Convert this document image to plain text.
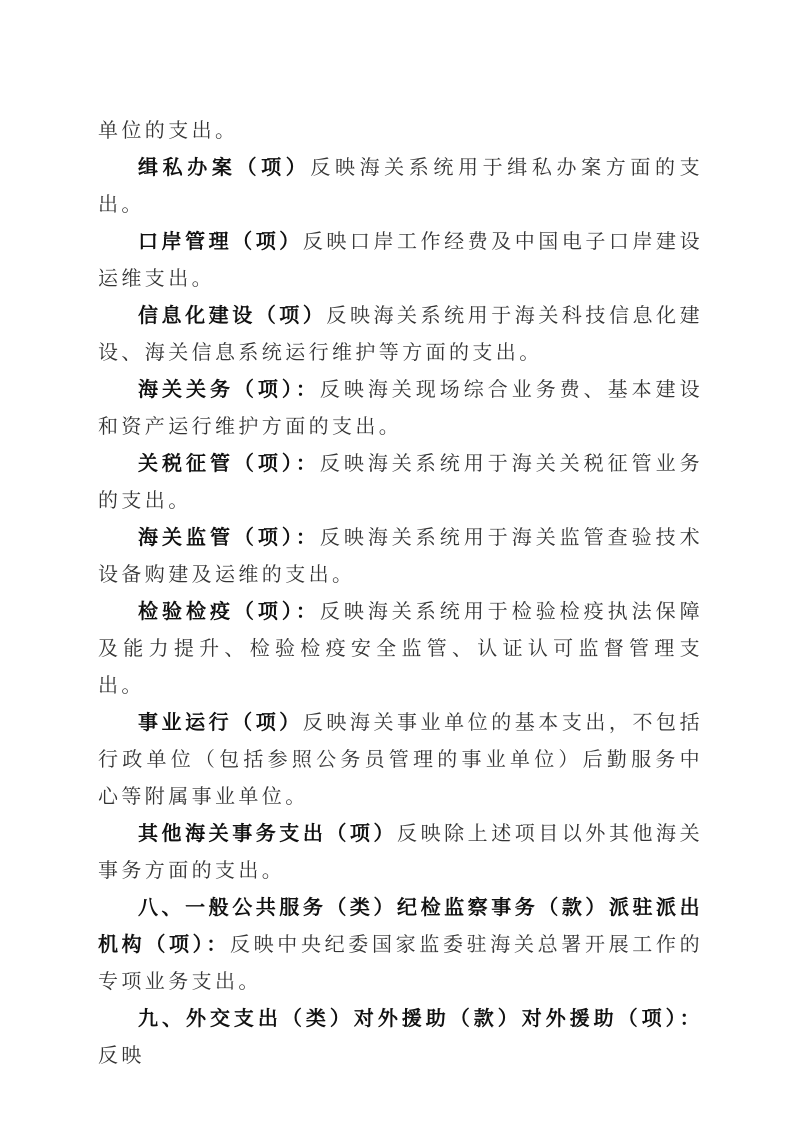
单位的支出。

缉私办案（项）反映海关系统用于缉私办案方面的支出。

口岸管理（项）反映口岸工作经费及中国电子口岸建设运维支出。

信息化建设（项）反映海关系统用于海关科技信息化建设、海关信息系统运行维护等方面的支出。

海关关务（项）：反映海关现场综合业务费、基本建设和资产运行维护方面的支出。

关税征管（项）：反映海关系统用于海关关税征管业务的支出。

海关监管（项）：反映海关系统用于海关监管查验技术设备购建及运维的支出。

检验检疫（项）：反映海关系统用于检验检疫执法保障及能力提升、检验检疫安全监管、认证认可监督管理支出。

事业运行（项）反映海关事业单位的基本支出，不包括行政单位（包括参照公务员管理的事业单位）后勤服务中心等附属事业单位。

其他海关事务支出（项）反映除上述项目以外其他海关事务方面的支出。

八、一般公共服务（类）纪检监察事务（款）派驻派出机构（项）：反映中央纪委国家监委驻海关总署开展工作的专项业务支出。

九、外交支出（类）对外援助（款）对外援助（项）：反映
